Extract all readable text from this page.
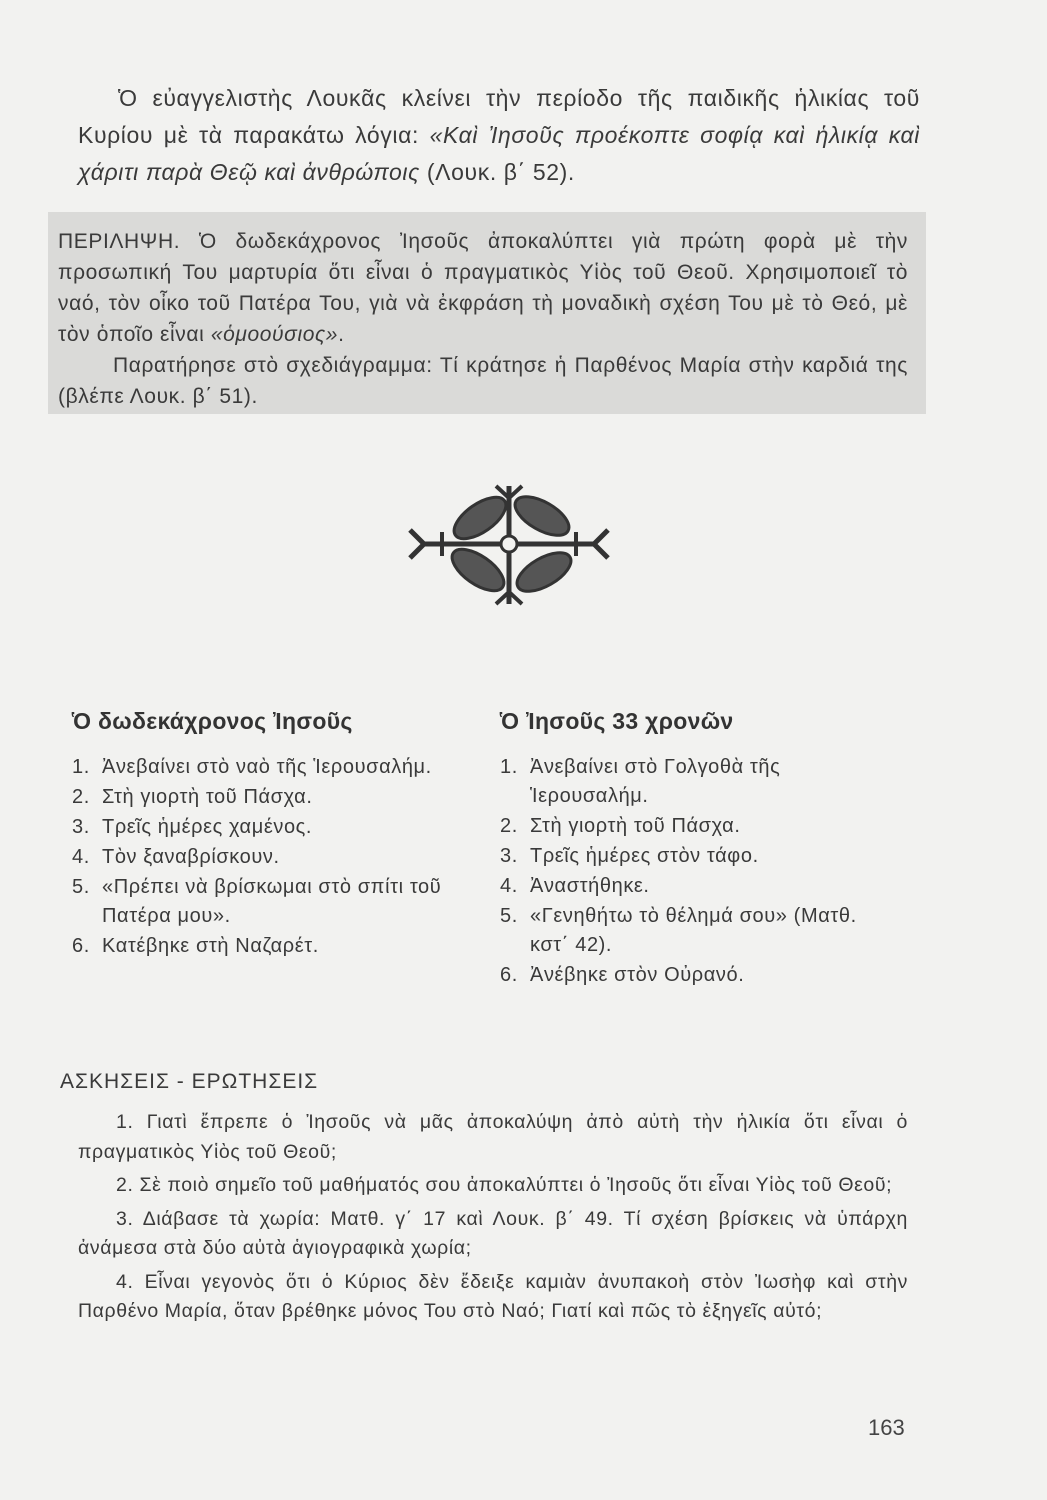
Ὁ εὐαγγελιστὴς Λουκᾶς κλείνει τὴν περίοδο τῆς παιδικῆς ἡλικίας τοῦ Κυρίου μὲ τὰ παρακάτω λόγια: «Καὶ Ἰησοῦς προέκοπτε σοφίᾳ καὶ ἡλικίᾳ καὶ χάριτι παρὰ Θεῷ καὶ ἀνθρώποις (Λουκ. β΄ 52).
ΠΕΡΙΛΗΨΗ. Ὁ δωδεκάχρονος Ἰησοῦς ἀποκαλύπτει γιὰ πρώτη φορὰ μὲ τὴν προσωπική Του μαρτυρία ὅτι εἶναι ὁ πραγματικὸς Υἱὸς τοῦ Θεοῦ. Χρησιμοποιεῖ τὸ ναό, τὸν οἶκο τοῦ Πατέρα Του, γιὰ νὰ ἐκφράση τὴ μοναδικὴ σχέση Του μὲ τὸ Θεό, μὲ τὸν ὁποῖο εἶναι «ὁμοούσιος».
Παρατήρησε στὸ σχεδιάγραμμα: Τί κράτησε ἡ Παρθένος Μαρία στὴν καρδιά της (βλέπε Λουκ. β΄ 51).
Ὁ δωδεκάχρονος Ἰησοῦς
1. Ἀνεβαίνει στὸ ναὸ τῆς Ἱερουσαλήμ.
2. Στὴ γιορτὴ τοῦ Πάσχα.
3. Τρεῖς ἡμέρες χαμένος.
4. Τὸν ξαναβρίσκουν.
5. «Πρέπει νὰ βρίσκωμαι στὸ σπίτι τοῦ Πατέρα μου».
6. Κατέβηκε στὴ Ναζαρέτ.
Ὁ Ἰησοῦς 33 χρονῶν
1. Ἀνεβαίνει στὸ Γολγοθὰ τῆς Ἱερουσαλήμ.
2. Στὴ γιορτὴ τοῦ Πάσχα.
3. Τρεῖς ἡμέρες στὸν τάφο.
4. Ἀναστήθηκε.
5. «Γενηθήτω τὸ θέλημά σου» (Ματθ. κστ΄ 42).
6. Ἀνέβηκε στὸν Οὐρανό.
ΑΣΚΗΣΕΙΣ - ΕΡΩΤΗΣΕΙΣ

1. Γιατὶ ἔπρεπε ὁ Ἰησοῦς νὰ μᾶς ἀποκαλύψη ἀπὸ αὐτὴ τὴν ἡλικία ὅτι εἶναι ὁ πραγματικὸς Υἱὸς τοῦ Θεοῦ;

2. Σὲ ποιὸ σημεῖο τοῦ μαθήματός σου ἀποκαλύπτει ὁ Ἰησοῦς ὅτι εἶναι Υἱὸς τοῦ Θεοῦ;

3. Διάβασε τὰ χωρία: Ματθ. γ΄ 17 καὶ Λουκ. β΄ 49. Τί σχέση βρίσκεις νὰ ὑπάρχη ἀνάμεσα στὰ δύο αὐτὰ ἁγιογραφικὰ χωρία;

4. Εἶναι γεγονὸς ὅτι ὁ Κύριος δὲν ἔδειξε καμιὰν ἀνυπακοὴ στὸν Ἰωσὴφ καὶ στὴν Παρθένο Μαρία, ὅταν βρέθηκε μόνος Του στὸ Ναό; Γιατί καὶ πῶς τὸ ἐξηγεῖς αὐτό;

163
